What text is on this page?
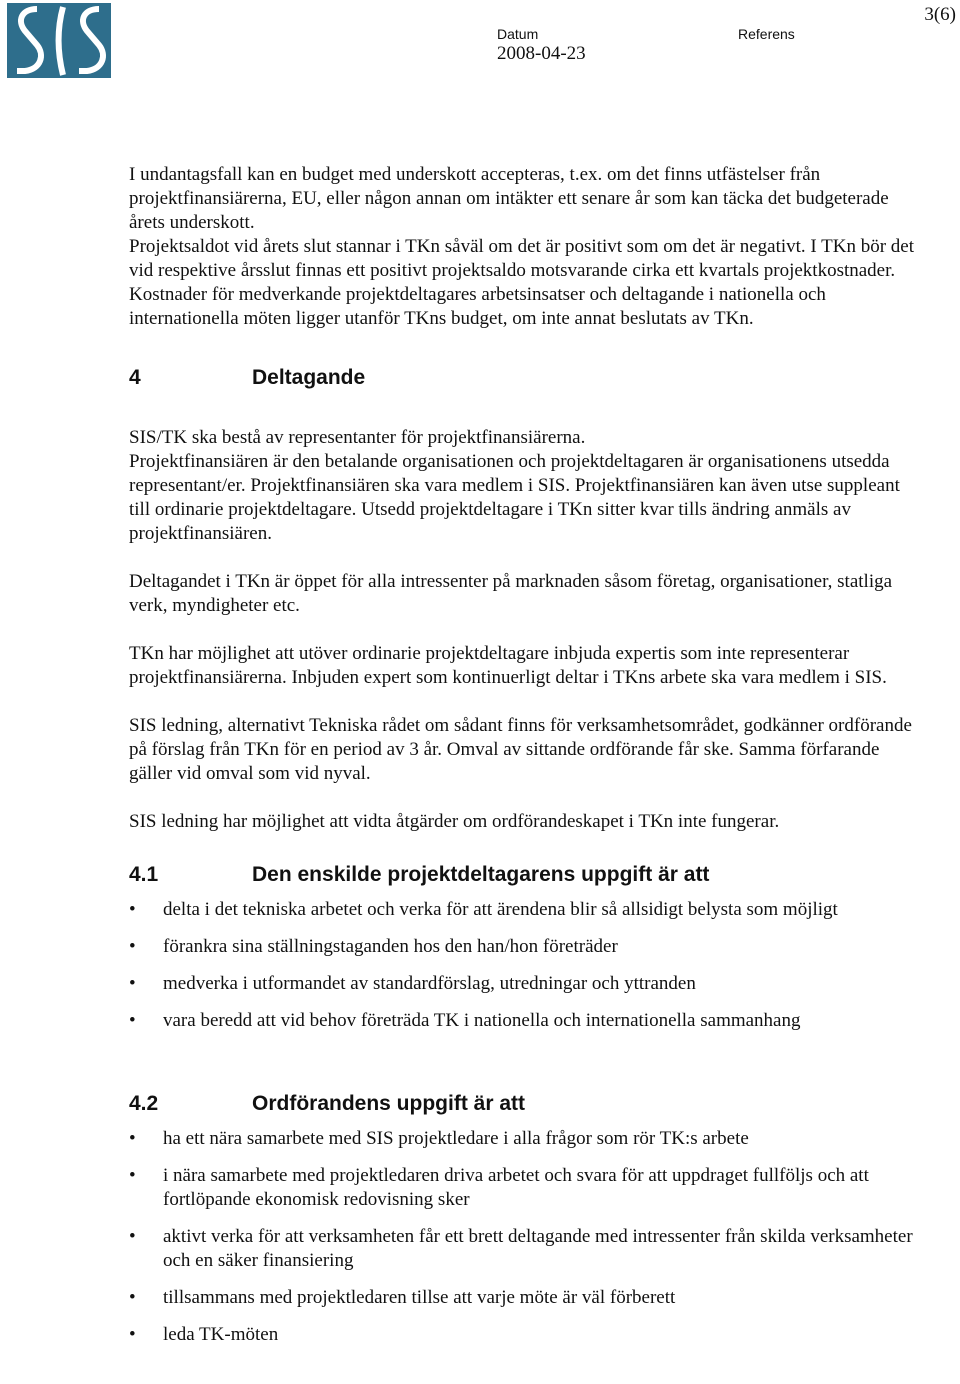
Datum
2008-04-23
Referens
3(6)

I undantagsfall kan en budget med underskott accepteras, t.ex. om det finns utfästelser från projektfinansiärerna, EU, eller någon annan om intäkter ett senare år som kan täcka det budgeterade årets underskott.

Projektsaldot vid årets slut stannar i TKn såväl om det är positivt som om det är negativt. I TKn bör det vid respektive årsslut finnas ett positivt projektsaldo motsvarande cirka ett kvartals projektkostnader.

Kostnader för medverkande projektdeltagares arbetsinsatser och deltagande i nationella och internationella möten ligger utanför TKns budget, om inte annat beslutats av TKn.

4	Deltagande

SIS/TK ska bestå av representanter för projektfinansiärerna.

Projektfinansiären är den betalande organisationen och projektdeltagaren är organisationens utsedda representant/er. Projektfinansiären ska vara medlem i SIS. Projektfinansiären kan även utse suppleant till ordinarie projektdeltagare. Utsedd projektdeltagare i TKn sitter kvar tills ändring anmäls av projektfinansiären.

Deltagandet i TKn är öppet för alla intressenter på marknaden såsom företag, organisationer, statliga verk, myndigheter etc.

TKn har möjlighet att utöver ordinarie projektdeltagare inbjuda expertis som inte representerar projektfinansiärerna. Inbjuden expert som kontinuerligt deltar i TKns arbete ska vara medlem i SIS.

SIS ledning, alternativt Tekniska rådet om sådant finns för verksamhetsområdet, godkänner ordförande på förslag från TKn för en period av 3 år. Omval av sittande ordförande får ske. Samma förfarande gäller vid omval som vid nyval.

SIS ledning har möjlighet att vidta åtgärder om ordförandeskapet i TKn inte fungerar.

4.1	Den enskilde projektdeltagarens uppgift är att
• delta i det tekniska arbetet och verka för att ärendena blir så allsidigt belysta som möjligt
• förankra sina ställningstaganden hos den han/hon företräder
• medverka i utformandet av standardförslag, utredningar och yttranden
• vara beredd att vid behov företräda TK i nationella och internationella sammanhang
4.2	Ordförandens uppgift är att
• ha ett nära samarbete med SIS projektledare i alla frågor som rör TK:s arbete
• i nära samarbete med projektledaren driva arbetet och svara för att uppdraget fullföljs och att fortlöpande ekonomisk redovisning sker
• aktivt verka för att verksamheten får ett brett deltagande med intressenter från skilda verksamheter och en säker finansiering
• tillsammans med projektledaren tillse att varje möte är väl förberett
• leda TK-möten
